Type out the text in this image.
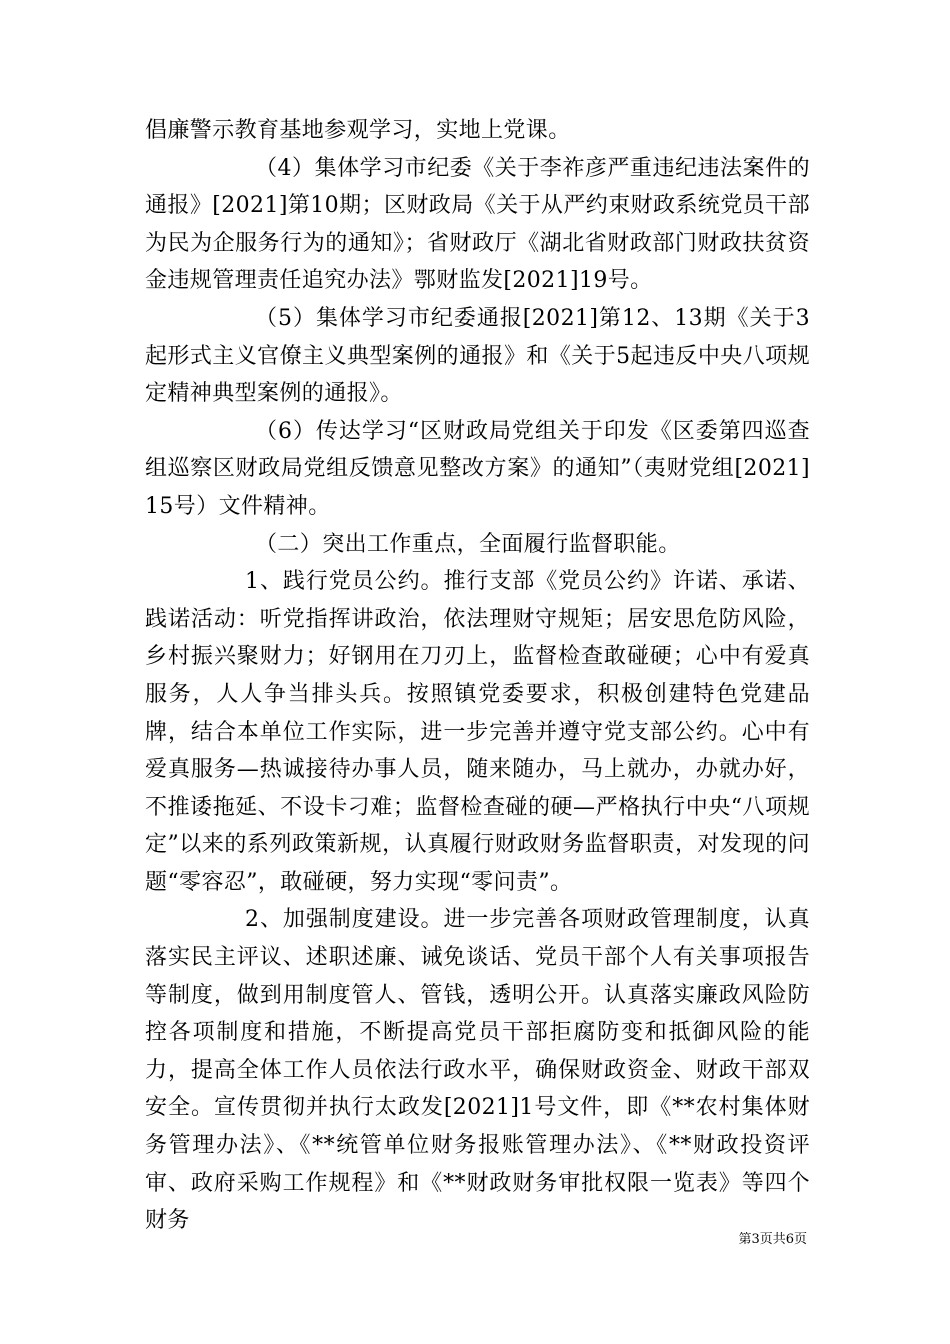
倡廉警示教育基地参观学习，实地上党课。

（4）集体学习市纪委《关于李祚彦严重违纪违法案件的通报》[2021]第10期；区财政局《关于从严约束财政系统党员干部为民为企服务行为的通知》；省财政厅《湖北省财政部门财政扶贫资金违规管理责任追究办法》鄂财监发[2021]19号。

（5）集体学习市纪委通报[2021]第12、13期《关于3起形式主义官僚主义典型案例的通报》和《关于5起违反中央八项规定精神典型案例的通报》。

（6）传达学习“区财政局党组关于印发《区委第四巡查组巡察区财政局党组反馈意见整改方案》的通知”（夷财党组[2021]15号）文件精神。

（二）突出工作重点，全面履行监督职能。

1、践行党员公约。推行支部《党员公约》许诺、承诺、践诺活动：听党指挥讲政治，依法理财守规矩；居安思危防风险，乡村振兴聚财力；好钢用在刀刃上，监督检查敢碰硬；心中有爱真服务，人人争当排头兵。按照镇党委要求，积极创建特色党建品牌，结合本单位工作实际，进一步完善并遵守党支部公约。心中有爱真服务—热诚接待办事人员，随来随办，马上就办，办就办好，不推诿拖延、不设卡刁难；监督检查碰的硬—严格执行中央“八项规定”以来的系列政策新规，认真履行财政财务监督职责，对发现的问题“零容忍”，敢碰硬，努力实现“零问责”。

2、加强制度建设。进一步完善各项财政管理制度，认真落实民主评议、述职述廉、诫免谈话、党员干部个人有关事项报告等制度，做到用制度管人、管钱，透明公开。认真落实廉政风险防控各项制度和措施，不断提高党员干部拒腐防变和抵御风险的能力，提高全体工作人员依法行政水平，确保财政资金、财政干部双安全。宣传贯彻并执行太政发[2021]1号文件，即《**农村集体财务管理办法》、《**统管单位财务报账管理办法》、《**财政投资评审、政府采购工作规程》和《**财政财务审批权限一览表》等四个财务

第3页共6页
